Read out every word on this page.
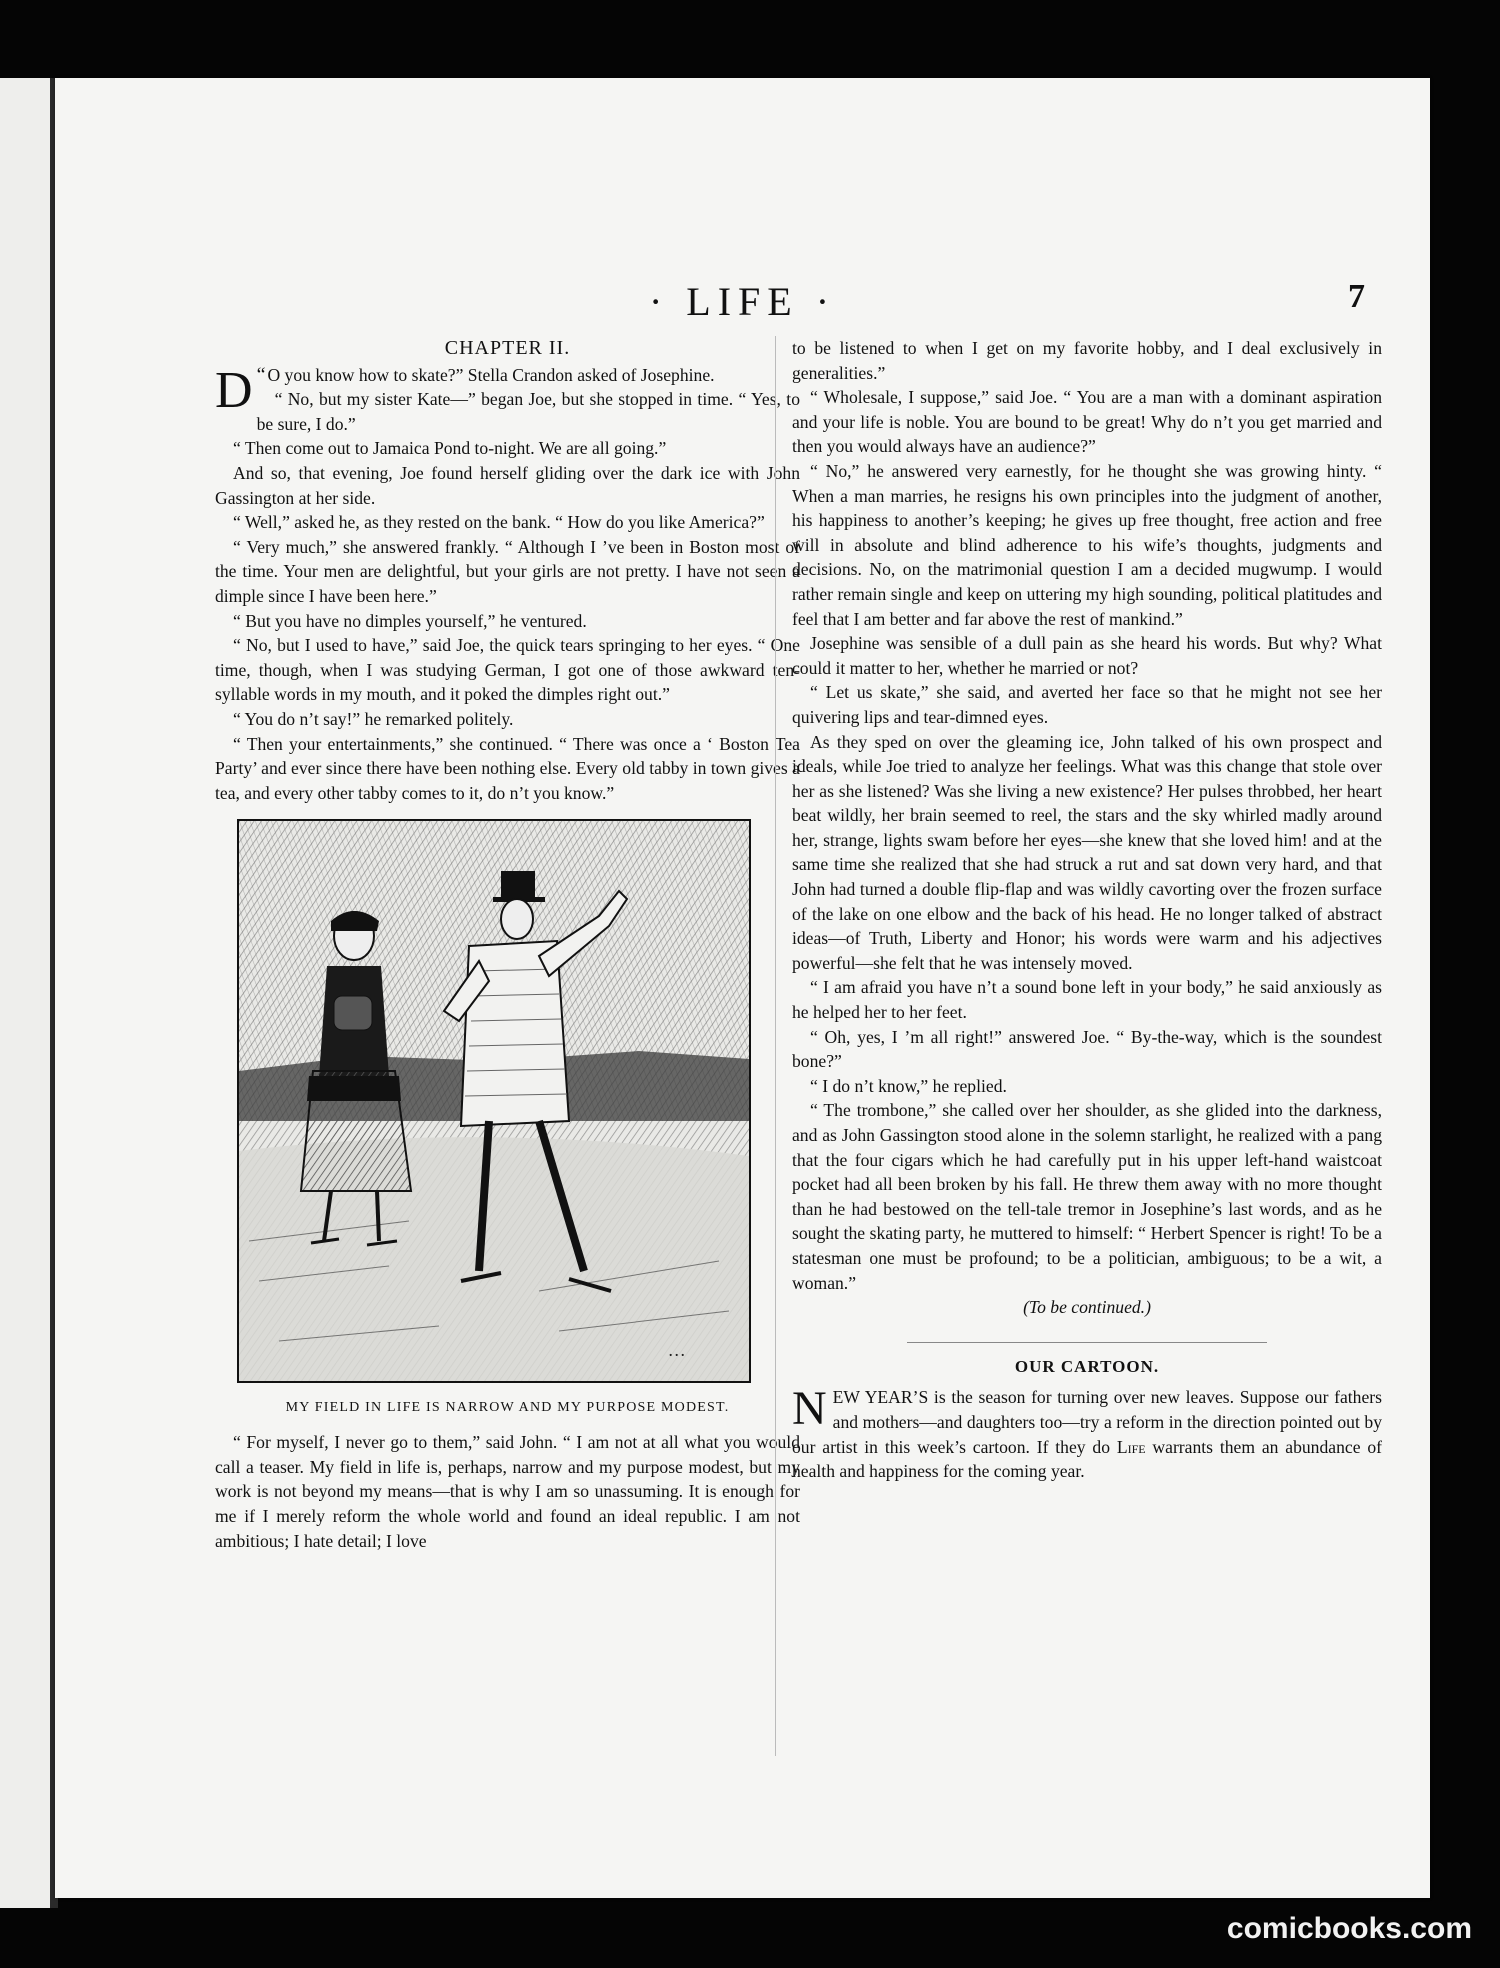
· LIFE ·	7
CHAPTER II.

“
D O you know how to skate?” Stella Crandon asked of Josephine.

“ No, but my sister Kate—” began Joe, but she stopped in time. “ Yes, to be sure, I do.”

“ Then come out to Jamaica Pond to-night. We are all going.”

And so, that evening, Joe found herself gliding over the dark ice with John Gassington at her side.

“ Well,” asked he, as they rested on the bank. “ How do you like America?”

“ Very much,” she answered frankly. “ Although I ’ve been in Boston most of the time. Your men are delightful, but your girls are not pretty. I have not seen a dimple since I have been here.”

“ But you have no dimples yourself,” he ventured.

“ No, but I used to have,” said Joe, the quick tears springing to her eyes. “ One time, though, when I was studying German, I got one of those awkward ten-syllable words in my mouth, and it poked the dimples right out.”

“ You do n’t say!” he remarked politely.

“ Then your entertainments,” she continued. “ There was once a ‘ Boston Tea Party’ and ever since there have been nothing else. Every old tabby in town gives a tea, and every other tabby comes to it, do n’t you know.”

…
MY FIELD IN LIFE IS NARROW AND MY PURPOSE MODEST.

“ For myself, I never go to them,” said John. “ I am not at all what you would call a teaser. My field in life is, perhaps, narrow and my purpose modest, but my work is not beyond my means—that is why I am so unassuming. It is enough for me if I merely reform the whole world and found an ideal republic. I am not ambitious; I hate detail; I love

to be listened to when I get on my favorite hobby, and I deal exclusively in generalities.”

“ Wholesale, I suppose,” said Joe. “ You are a man with a dominant aspiration and your life is noble. You are bound to be great! Why do n’t you get married and then you would always have an audience?”

“ No,” he answered very earnestly, for he thought she was growing hinty. “ When a man marries, he resigns his own principles into the judgment of another, his happiness to another’s keeping; he gives up free thought, free action and free will in absolute and blind adherence to his wife’s thoughts, judgments and decisions. No, on the matrimonial question I am a decided mugwump. I would rather remain single and keep on uttering my high sounding, political platitudes and feel that I am better and far above the rest of mankind.”

Josephine was sensible of a dull pain as she heard his words. But why? What could it matter to her, whether he married or not?

“ Let us skate,” she said, and averted her face so that he might not see her quivering lips and tear-dimned eyes.

As they sped on over the gleaming ice, John talked of his own prospect and ideals, while Joe tried to analyze her feelings. What was this change that stole over her as she listened? Was she living a new existence? Her pulses throbbed, her heart beat wildly, her brain seemed to reel, the stars and the sky whirled madly around her, strange, lights swam before her eyes—she knew that she loved him! and at the same time she realized that she had struck a rut and sat down very hard, and that John had turned a double flip-flap and was wildly cavorting over the frozen surface of the lake on one elbow and the back of his head. He no longer talked of abstract ideas—of Truth, Liberty and Honor; his words were warm and his adjectives powerful—she felt that he was intensely moved.

“ I am afraid you have n’t a sound bone left in your body,” he said anxiously as he helped her to her feet.

“ Oh, yes, I ’m all right!” answered Joe. “ By-the-way, which is the soundest bone?”

“ I do n’t know,” he replied.

“ The trombone,” she called over her shoulder, as she glided into the darkness, and as John Gassington stood alone in the solemn starlight, he realized with a pang that the four cigars which he had carefully put in his upper left-hand waistcoat pocket had all been broken by his fall. He threw them away with no more thought than he had bestowed on the tell-tale tremor in Josephine’s last words, and as he sought the skating party, he muttered to himself: “ Herbert Spencer is right! To be a statesman one must be profound; to be a politician, ambiguous; to be a wit, a woman.”

(To be continued.)

OUR CARTOON.

NEW YEAR’S is the season for turning over new leaves. Suppose our fathers and mothers—and daughters too—try a reform in the direction pointed out by our artist in this week’s cartoon. If they do Life warrants them an abundance of health and happiness for the coming year.

comicbooks.com
